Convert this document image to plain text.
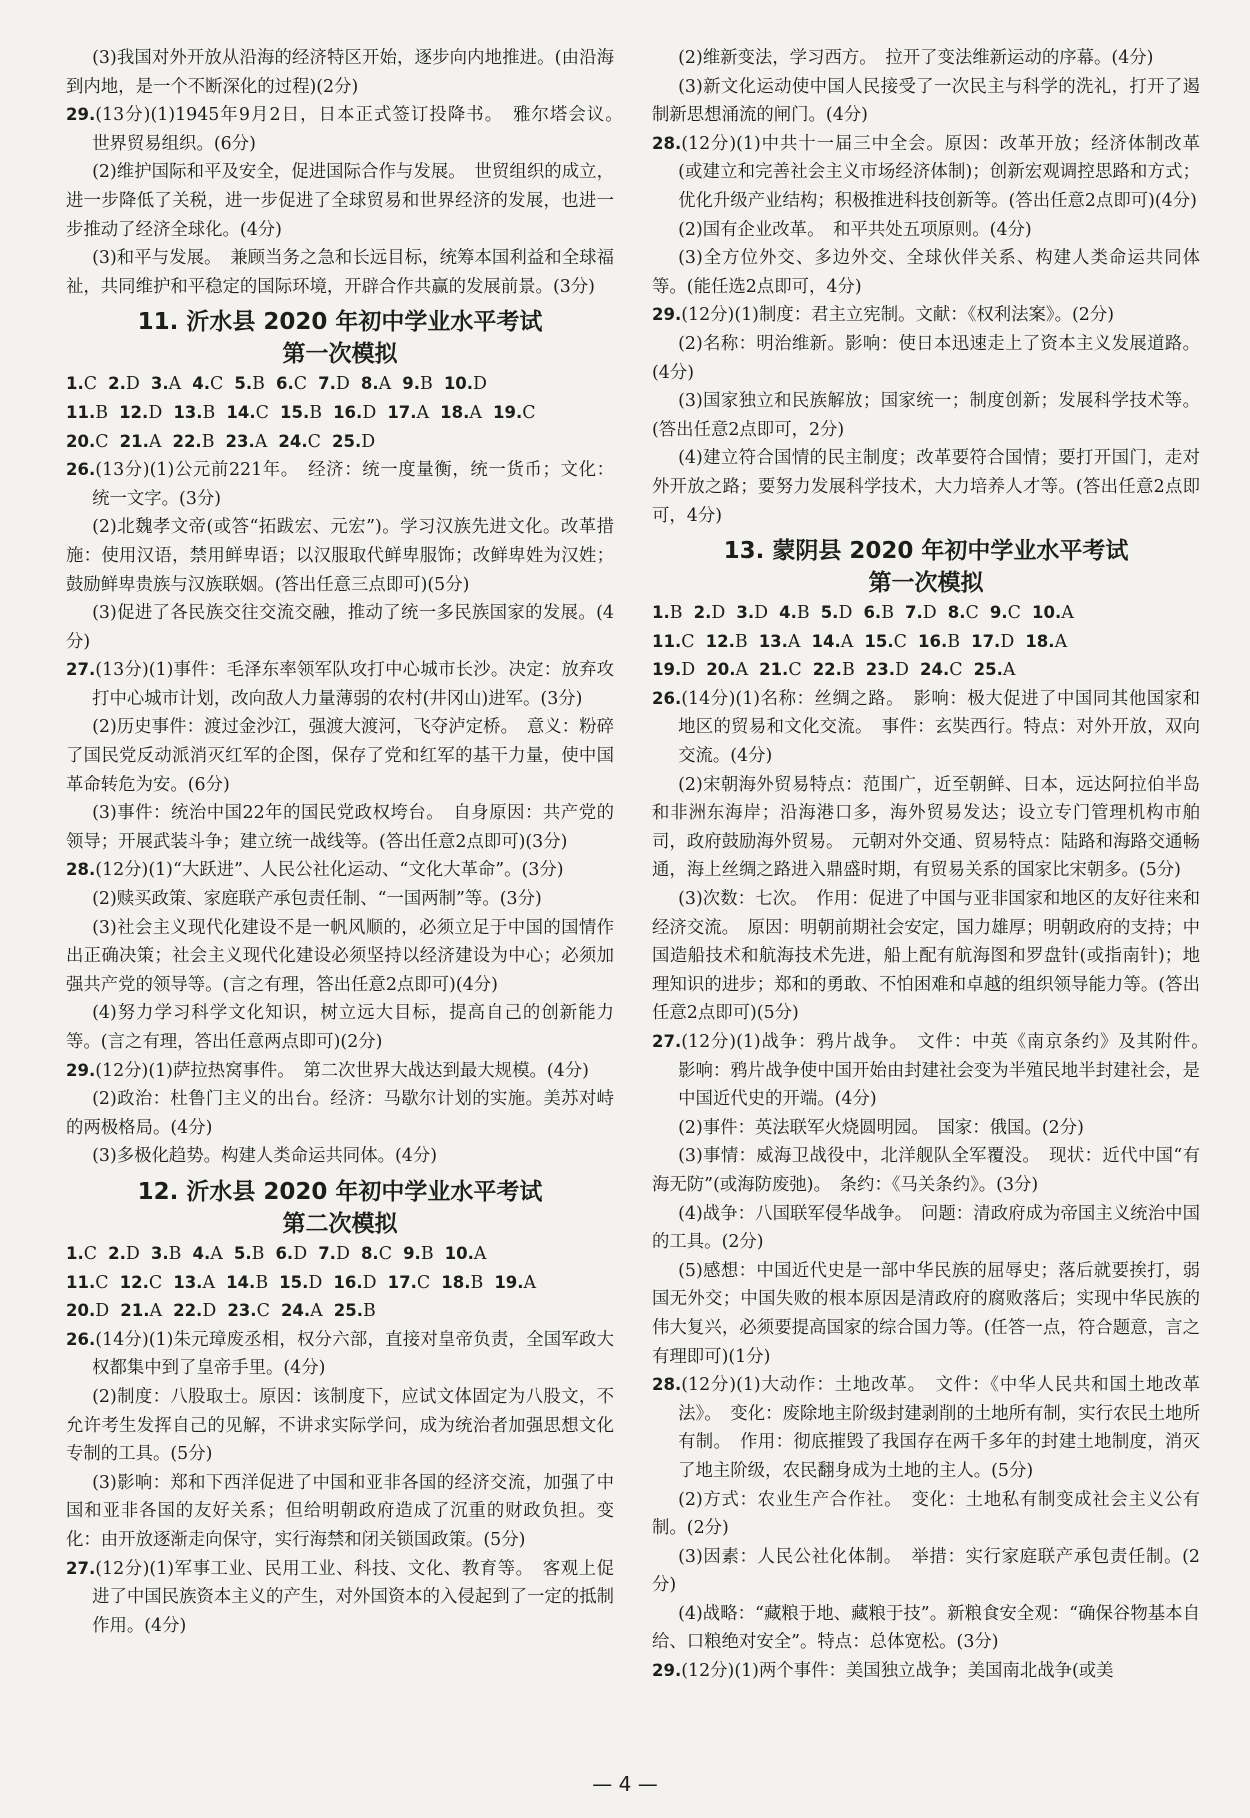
(3)我国对外开放从沿海的经济特区开始，逐步向内地推进。(由沿海到内地，是一个不断深化的过程)(2分)

29.(13分)(1)1945年9月2日，日本正式签订投降书。　雅尔塔会议。　世界贸易组织。(6分)

(2)维护国际和平及安全，促进国际合作与发展。　世贸组织的成立，进一步降低了关税，进一步促进了全球贸易和世界经济的发展，也进一步推动了经济全球化。(4分)

(3)和平与发展。　兼顾当务之急和长远目标，统筹本国利益和全球福祉，共同维护和平稳定的国际环境，开辟合作共赢的发展前景。(3分)

11. 沂水县 2020 年初中学业水平考试

第一次模拟

1.C  2.D  3.A  4.C  5.B  6.C  7.D  8.A  9.B  10.D
11.B  12.D  13.B  14.C  15.B  16.D  17.A  18.A  19.C
20.C  21.A  22.B  23.A  24.C  25.D

26.(13分)(1)公元前221年。　经济：统一度量衡，统一货币；文化：统一文字。(3分)

(2)北魏孝文帝(或答“拓跋宏、元宏”)。学习汉族先进文化。改革措施：使用汉语，禁用鲜卑语；以汉服取代鲜卑服饰；改鲜卑姓为汉姓；鼓励鲜卑贵族与汉族联姻。(答出任意三点即可)(5分)

(3)促进了各民族交往交流交融，推动了统一多民族国家的发展。(4分)

27.(13分)(1)事件：毛泽东率领军队攻打中心城市长沙。决定：放弃攻打中心城市计划，改向敌人力量薄弱的农村(井冈山)进军。(3分)

(2)历史事件：渡过金沙江，强渡大渡河，飞夺泸定桥。　意义：粉碎了国民党反动派消灭红军的企图，保存了党和红军的基干力量，使中国革命转危为安。(6分)

(3)事件：统治中国22年的国民党政权垮台。　自身原因：共产党的领导；开展武装斗争；建立统一战线等。(答出任意2点即可)(3分)

28.(12分)(1)“大跃进”、人民公社化运动、“文化大革命”。(3分)

(2)赎买政策、家庭联产承包责任制、“一国两制”等。(3分)

(3)社会主义现代化建设不是一帆风顺的，必须立足于中国的国情作出正确决策；社会主义现代化建设必须坚持以经济建设为中心；必须加强共产党的领导等。(言之有理，答出任意2点即可)(4分)

(4)努力学习科学文化知识，树立远大目标，提高自己的创新能力等。(言之有理，答出任意两点即可)(2分)

29.(12分)(1)萨拉热窝事件。　第二次世界大战达到最大规模。(4分)

(2)政治：杜鲁门主义的出台。经济：马歇尔计划的实施。美苏对峙的两极格局。(4分)

(3)多极化趋势。构建人类命运共同体。(4分)

12. 沂水县 2020 年初中学业水平考试

第二次模拟

1.C  2.D  3.B  4.A  5.B  6.D  7.D  8.C  9.B  10.A
11.C  12.C  13.A  14.B  15.D  16.D  17.C  18.B  19.A
20.D  21.A  22.D  23.C  24.A  25.B

26.(14分)(1)朱元璋废丞相，权分六部，直接对皇帝负责，全国军政大权都集中到了皇帝手里。(4分)

(2)制度：八股取士。原因：该制度下，应试文体固定为八股文，不允许考生发挥自己的见解，不讲求实际学问，成为统治者加强思想文化专制的工具。(5分)

(3)影响：郑和下西洋促进了中国和亚非各国的经济交流，加强了中国和亚非各国的友好关系；但给明朝政府造成了沉重的财政负担。变化：由开放逐渐走向保守，实行海禁和闭关锁国政策。(5分)

27.(12分)(1)军事工业、民用工业、科技、文化、教育等。　客观上促进了中国民族资本主义的产生，对外国资本的入侵起到了一定的抵制作用。(4分)

(2)维新变法，学习西方。　拉开了变法维新运动的序幕。(4分)

(3)新文化运动使中国人民接受了一次民主与科学的洗礼，打开了遏制新思想涌流的闸门。(4分)

28.(12分)(1)中共十一届三中全会。原因：改革开放；经济体制改革(或建立和完善社会主义市场经济体制)；创新宏观调控思路和方式；优化升级产业结构；积极推进科技创新等。(答出任意2点即可)(4分)

(2)国有企业改革。　和平共处五项原则。(4分)

(3)全方位外交、多边外交、全球伙伴关系、构建人类命运共同体等。(能任选2点即可，4分)

29.(12分)(1)制度：君主立宪制。文献：《权利法案》。(2分)

(2)名称：明治维新。影响：使日本迅速走上了资本主义发展道路。(4分)

(3)国家独立和民族解放；国家统一；制度创新；发展科学技术等。(答出任意2点即可，2分)

(4)建立符合国情的民主制度；改革要符合国情；要打开国门，走对外开放之路；要努力发展科学技术，大力培养人才等。(答出任意2点即可，4分)

13. 蒙阴县 2020 年初中学业水平考试

第一次模拟

1.B  2.D  3.D  4.B  5.D  6.B  7.D  8.C  9.C  10.A
11.C  12.B  13.A  14.A  15.C  16.B  17.D  18.A
19.D  20.A  21.C  22.B  23.D  24.C  25.A

26.(14分)(1)名称：丝绸之路。　影响：极大促进了中国同其他国家和地区的贸易和文化交流。　事件：玄奘西行。特点：对外开放，双向交流。(4分)

(2)宋朝海外贸易特点：范围广，近至朝鲜、日本，远达阿拉伯半岛和非洲东海岸；沿海港口多，海外贸易发达；设立专门管理机构市舶司，政府鼓励海外贸易。　元朝对外交通、贸易特点：陆路和海路交通畅通，海上丝绸之路进入鼎盛时期，有贸易关系的国家比宋朝多。(5分)

(3)次数：七次。　作用：促进了中国与亚非国家和地区的友好往来和经济交流。　原因：明朝前期社会安定，国力雄厚；明朝政府的支持；中国造船技术和航海技术先进，船上配有航海图和罗盘针(或指南针)；地理知识的进步；郑和的勇敢、不怕困难和卓越的组织领导能力等。(答出任意2点即可)(5分)

27.(12分)(1)战争：鸦片战争。　文件：中英《南京条约》及其附件。　影响：鸦片战争使中国开始由封建社会变为半殖民地半封建社会，是中国近代史的开端。(4分)

(2)事件：英法联军火烧圆明园。　国家：俄国。(2分)

(3)事情：威海卫战役中，北洋舰队全军覆没。　现状：近代中国“有海无防”(或海防废弛)。　条约：《马关条约》。(3分)

(4)战争：八国联军侵华战争。　问题：清政府成为帝国主义统治中国的工具。(2分)

(5)感想：中国近代史是一部中华民族的屈辱史；落后就要挨打，弱国无外交；中国失败的根本原因是清政府的腐败落后；实现中华民族的伟大复兴，必须要提高国家的综合国力等。(任答一点，符合题意，言之有理即可)(1分)

28.(12分)(1)大动作：土地改革。　文件：《中华人民共和国土地改革法》。　变化：废除地主阶级封建剥削的土地所有制，实行农民土地所有制。　作用：彻底摧毁了我国存在两千多年的封建土地制度，消灭了地主阶级，农民翻身成为土地的主人。(5分)

(2)方式：农业生产合作社。　变化：土地私有制变成社会主义公有制。(2分)

(3)因素：人民公社化体制。　举措：实行家庭联产承包责任制。(2分)

(4)战略：“藏粮于地、藏粮于技”。新粮食安全观：“确保谷物基本自给、口粮绝对安全”。特点：总体宽松。(3分)

29.(12分)(1)两个事件：美国独立战争；美国南北战争(或美

— 4 —
